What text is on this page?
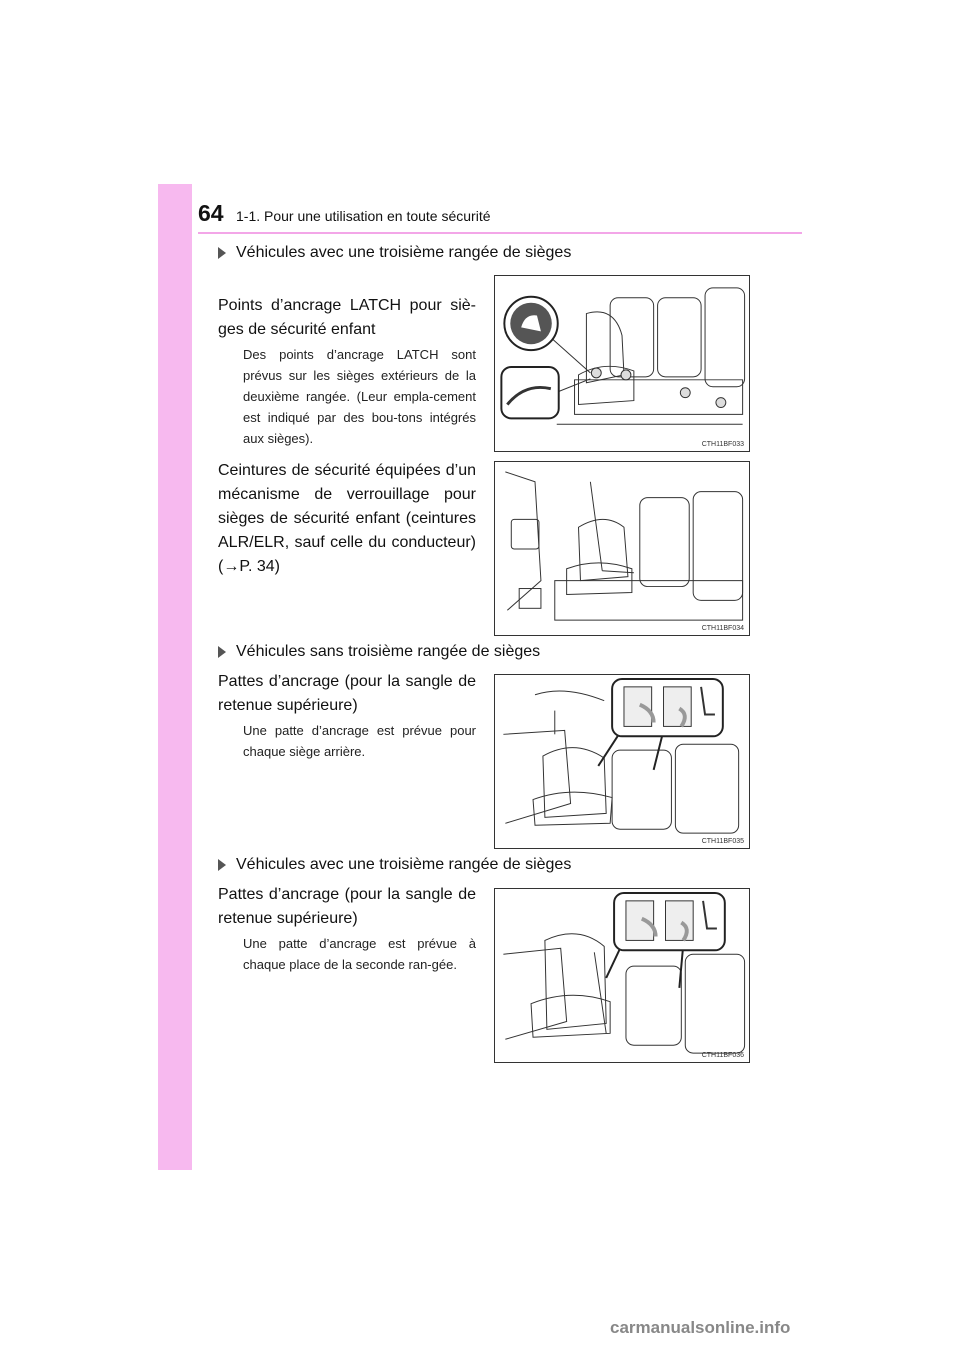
64 1-1. Pour une utilisation en toute sécurité
Véhicules avec une troisième rangée de sièges
Points d’ancrage LATCH pour siè-ges de sécurité enfant
Des points d’ancrage LATCH sont prévus sur les sièges extérieurs de la deuxième rangée. (Leur empla-cement est indiqué par des bou-tons intégrés aux sièges).	CTH11BF033
Ceintures de sécurité équipées d’un mécanisme de verrouillage pour sièges de sécurité enfant (ceintures ALR/ELR, sauf celle du conducteur) (→P. 34)
CTH11BF034
Véhicules sans troisième rangée de sièges
Pattes d’ancrage (pour la sangle de retenue supérieure)
Une patte d’ancrage est prévue pour chaque siège arrière.
CTH11BF035
Véhicules avec une troisième rangée de sièges
Pattes d’ancrage (pour la sangle de retenue supérieure)
Une patte d’ancrage est prévue à chaque place de la seconde ran-gée.
CTH11BF036
carmanualsonline.info
